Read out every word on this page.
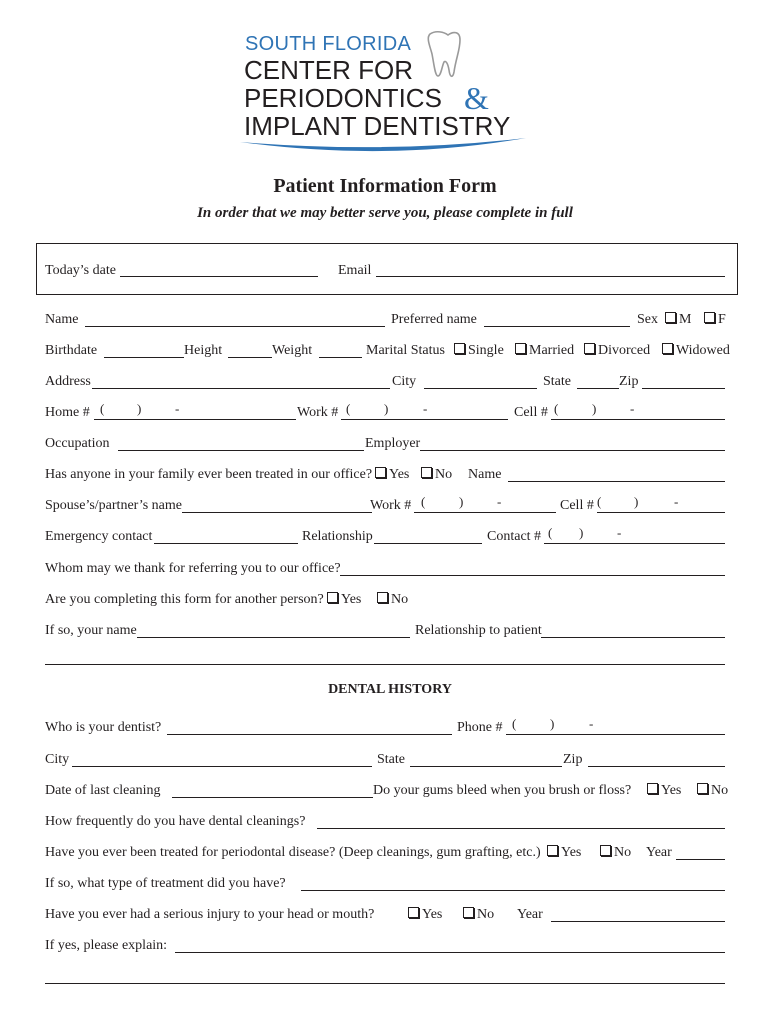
SOUTH FLORIDA
CENTER FOR
PERIODONTICS &
IMPLANT DENTISTRY
Patient Information Form
In order that we may better serve you, please complete in full
Today’s date	Email
Name	Preferred name	Sex	M	F
Birthdate	Height	Weight	Marital Status	Single	Married	Divorced	Widowed
Address	City	State	Zip
Home # (	)	-	Work # (	)	-	Cell # (	)	-
Occupation	Employer
Has anyone in your family ever been treated in our office?	Yes	No Name
Spouse’s/partner’s name	Work # (	)	-	Cell # (	)	-
Emergency contact	Relationship	Contact # ( )	-
Whom may we thank for referring you to our office?
Are you completing this form for another person?	Yes	No
If so, your name	Relationship to patient
DENTAL HISTORY
Who is your dentist?	Phone # (	)	-
City	State	Zip
Date of last cleaning	Do your gums bleed when you brush or floss?	Yes	No
How frequently do you have dental cleanings?
Have you ever been treated for periodontal disease? (Deep cleanings, gum grafting, etc.)	Yes	No Year
If so, what type of treatment did you have?
Have you ever had a serious injury to your head or mouth?	Yes	No Year
If yes, please explain:
